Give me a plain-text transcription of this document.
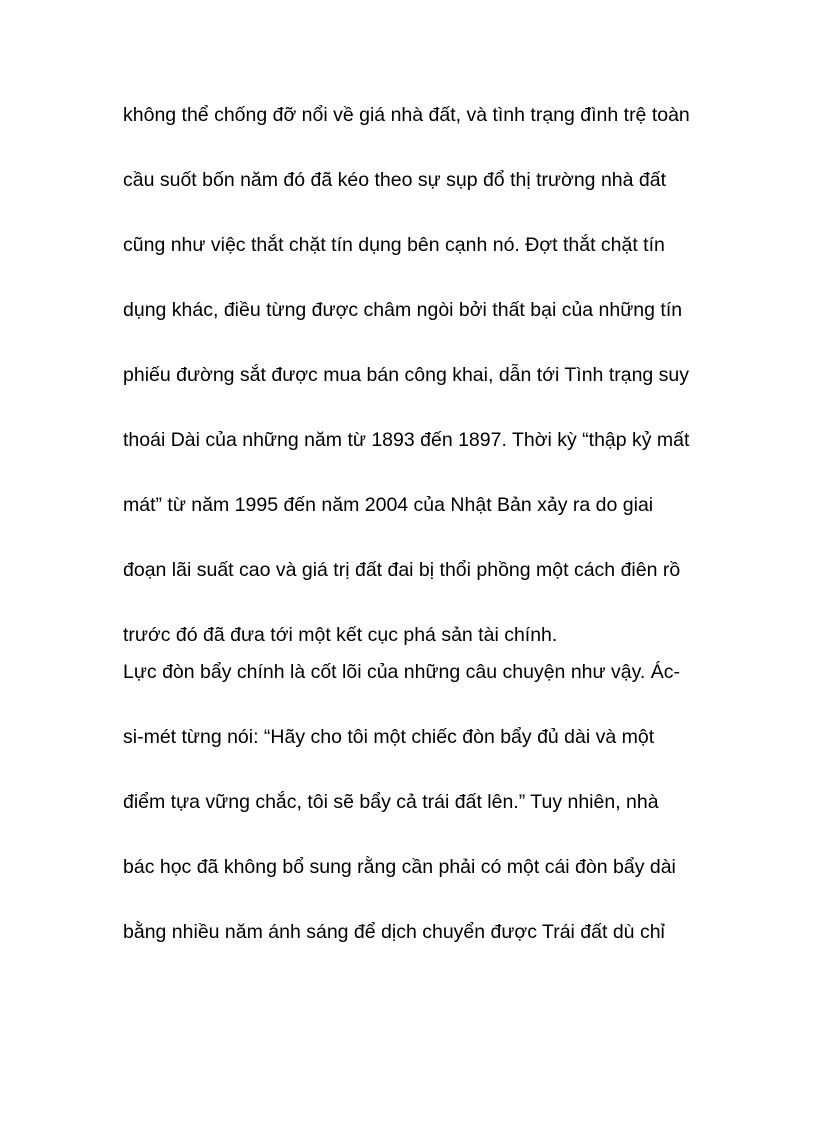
không thể chống đỡ nổi về giá nhà đất, và tình trạng đình trệ toàn
cầu suốt bốn năm đó đã kéo theo sự sụp đổ thị trường nhà đất
cũng như việc thắt chặt tín dụng bên cạnh nó. Đợt thắt chặt tín
dụng khác, điều từng được châm ngòi bởi thất bại của những tín
phiếu đường sắt được mua bán công khai, dẫn tới Tình trạng suy
thoái Dài của những năm từ 1893 đến 1897. Thời kỳ “thập kỷ mất
mát” từ năm 1995 đến năm 2004 của Nhật Bản xảy ra do giai
đoạn lãi suất cao và giá trị đất đai bị thổi phồng một cách điên rồ
trước đó đã đưa tới một kết cục phá sản tài chính.
Lực đòn bẩy chính là cốt lõi của những câu chuyện như vậy. Ác-
si-mét từng nói: “Hãy cho tôi một chiếc đòn bẩy đủ dài và một
điểm tựa vững chắc, tôi sẽ bẩy cả trái đất lên.” Tuy nhiên, nhà
bác học đã không bổ sung rằng cần phải có một cái đòn bẩy dài
bằng nhiều năm ánh sáng để dịch chuyển được Trái đất dù chỉ
